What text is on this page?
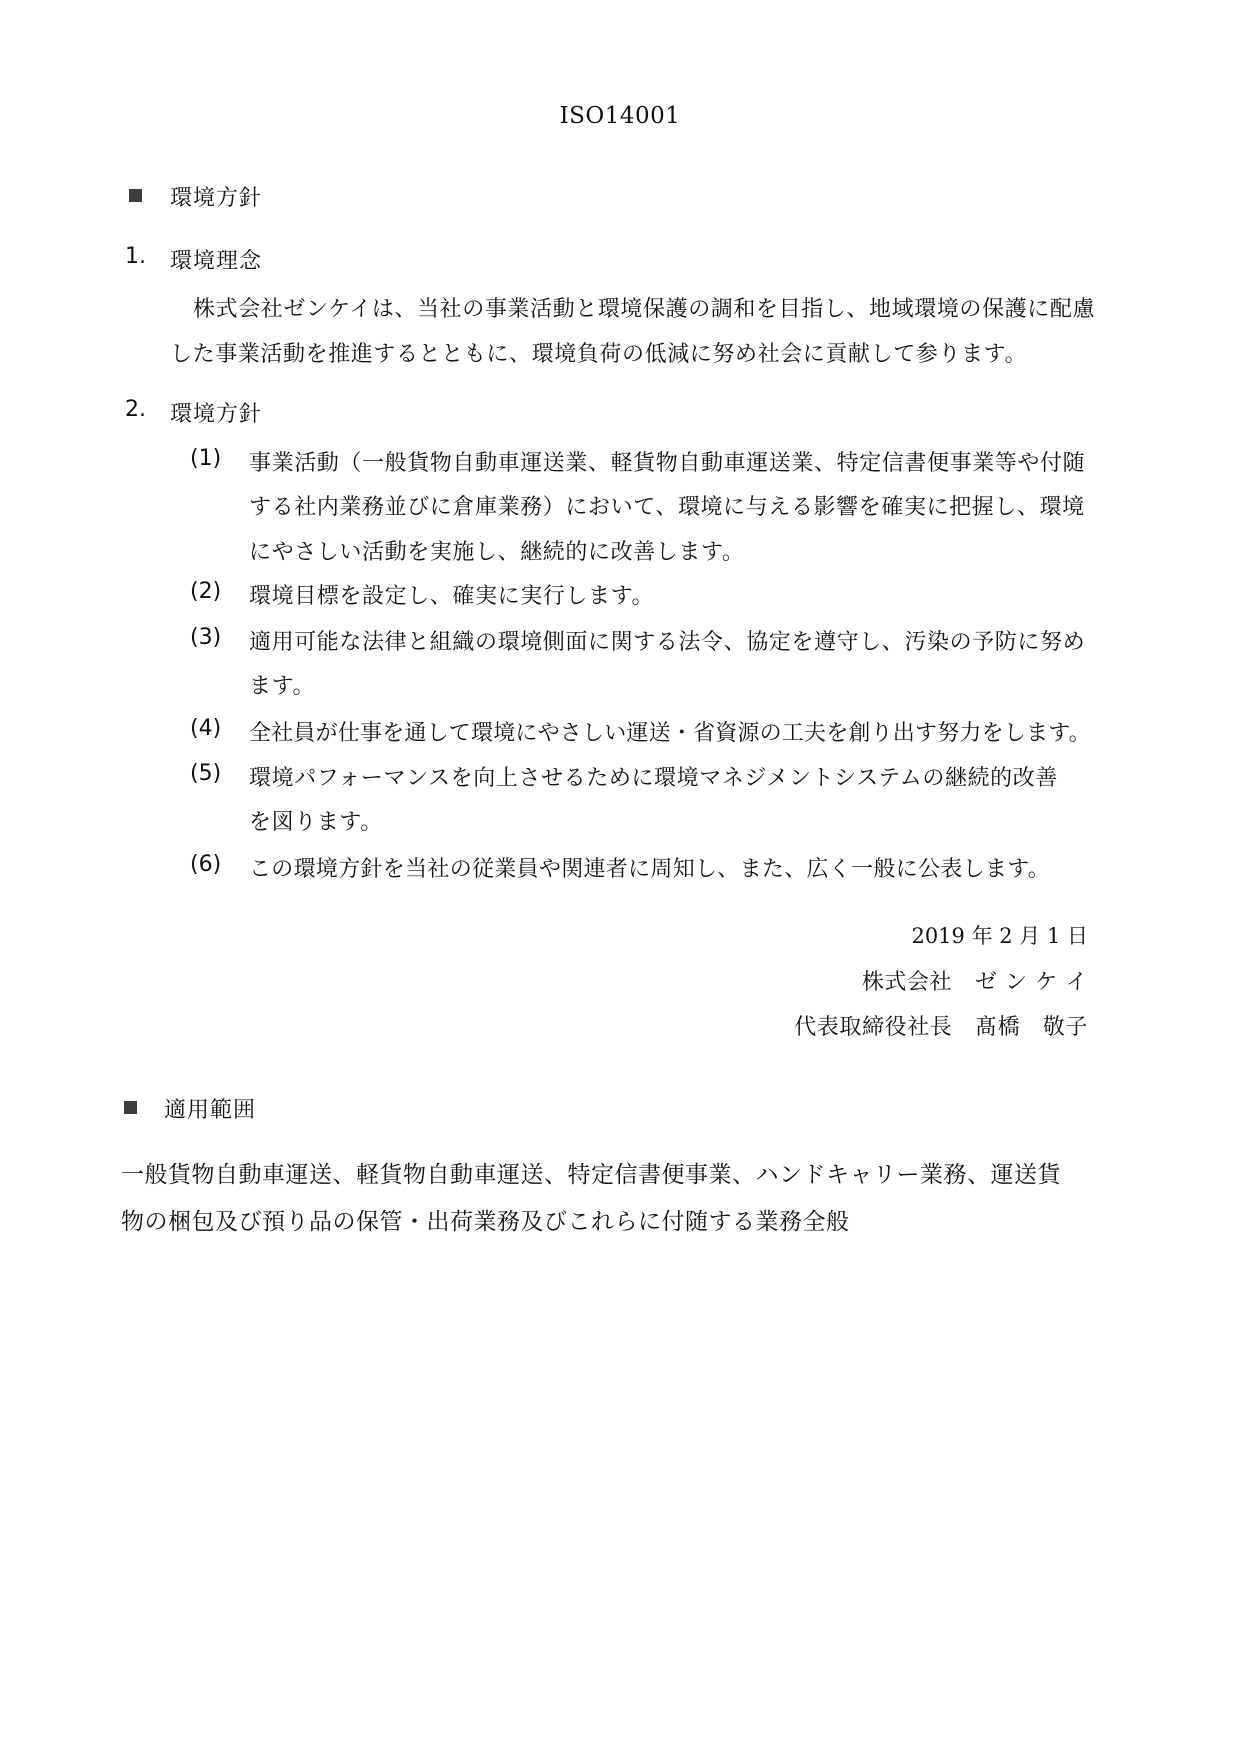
ISO14001
環境方針
1. 環境理念
株式会社ゼンケイは、当社の事業活動と環境保護の調和を目指し、地域環境の保護に配慮
した事業活動を推進するとともに、環境負荷の低減に努め社会に貢献して参ります。
2. 環境方針
(1) 事業活動（一般貨物自動車運送業、軽貨物自動車運送業、特定信書便事業等や付随
する社内業務並びに倉庫業務）において、環境に与える影響を確実に把握し、環境
にやさしい活動を実施し、継続的に改善します。
(2) 環境目標を設定し、確実に実行します。
(3) 適用可能な法律と組織の環境側面に関する法令、協定を遵守し、汚染の予防に努め
ます。
(4) 全社員が仕事を通して環境にやさしい運送・省資源の工夫を創り出す努力をします。
(5) 環境パフォーマンスを向上させるために環境マネジメントシステムの継続的改善
を図ります。
(6) この環境方針を当社の従業員や関連者に周知し、また、広く一般に公表します。
2019 年 2 月 1 日
株式会社　ゼ ン ケ イ
代表取締役社長　髙橋　敬子
適用範囲
一般貨物自動車運送、軽貨物自動車運送、特定信書便事業、ハンドキャリー業務、運送貨
物の梱包及び預り品の保管・出荷業務及びこれらに付随する業務全般
